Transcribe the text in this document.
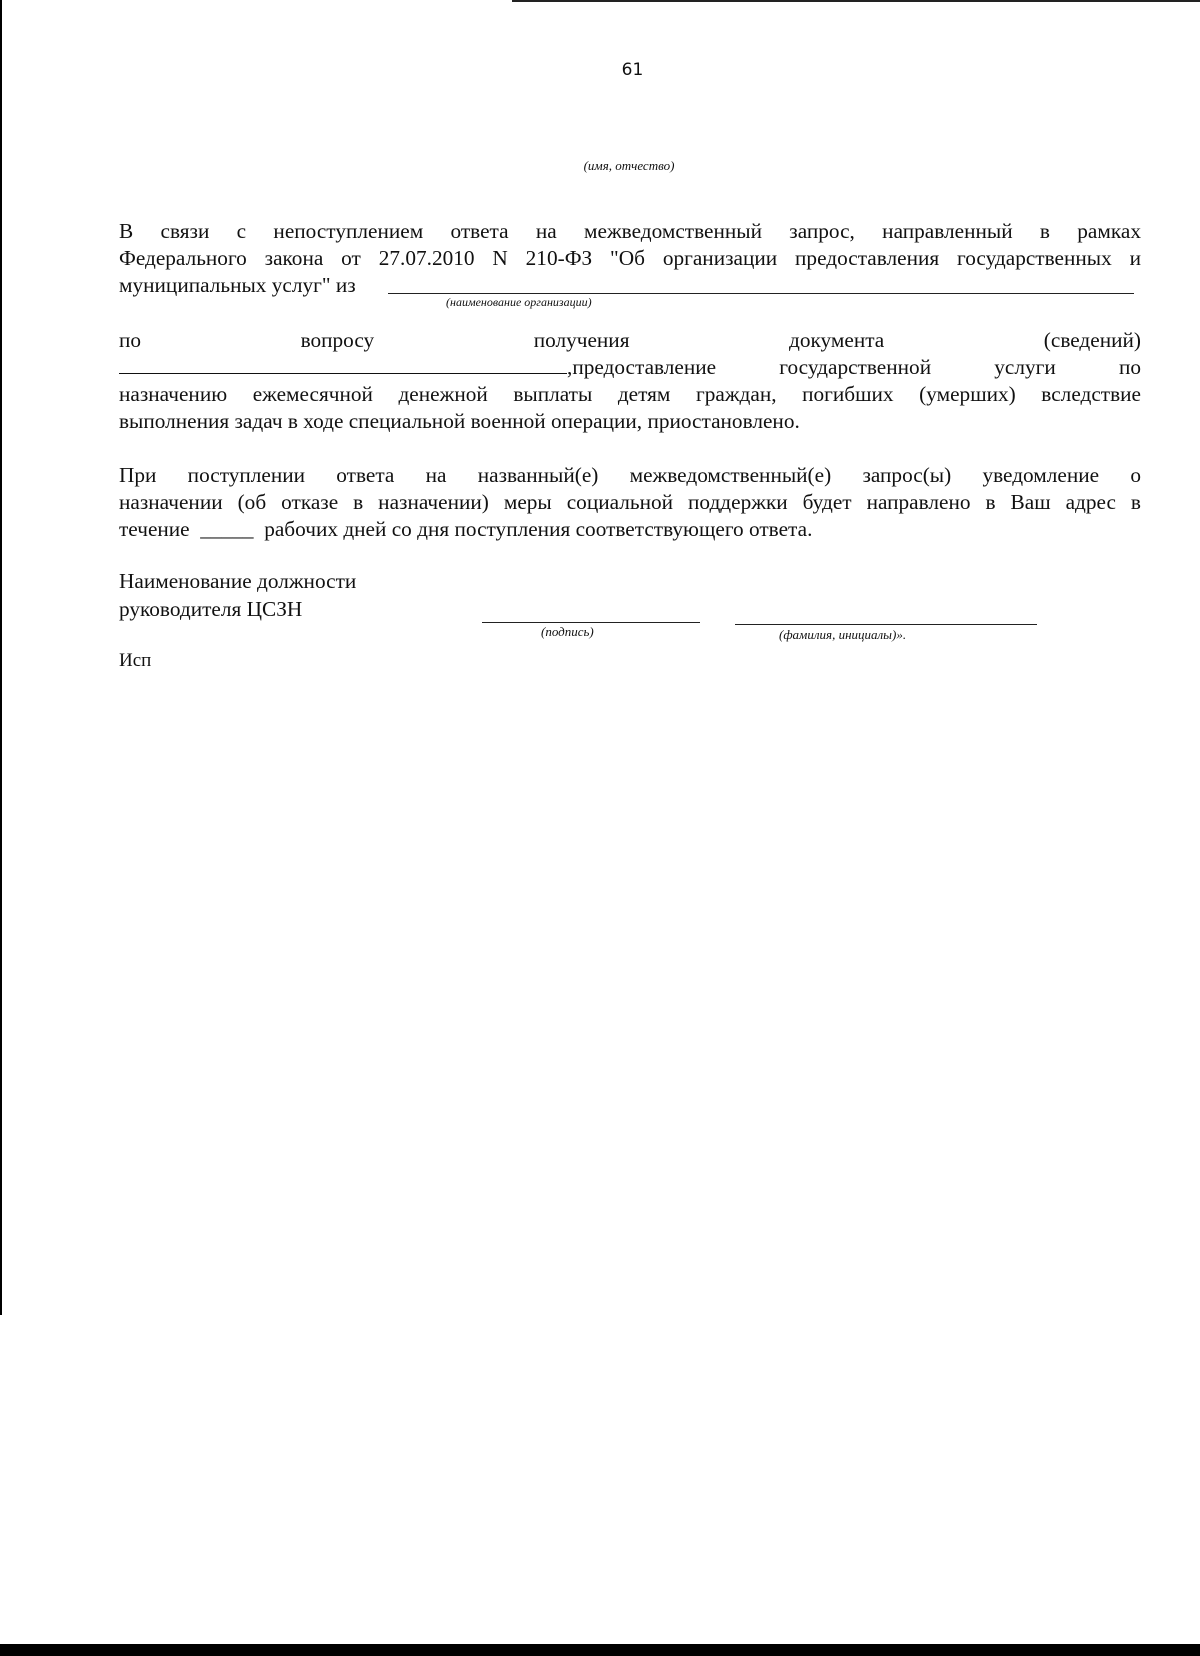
61
(имя, отчество)
В связи с непоступлением ответа на межведомственный запрос, направленный в рамках
Федерального закона от 27.07.2010 N 210-ФЗ "Об организации предоставления государственных и
муниципальных услуг" из
(наименование организации)
по вопросу получения документа (сведений)
,предоставление государственной услуги по
назначению ежемесячной денежной выплаты детям граждан, погибших (умерших) вследствие
выполнения задач в ходе специальной военной операции, приостановлено.
При поступлении ответа на названный(е) межведомственный(е) запрос(ы) уведомление о
назначении (об отказе в назначении) меры социальной поддержки будет направлено в Ваш адрес в
течение _____ рабочих дней со дня поступления соответствующего ответа.
Наименование должности
руководителя ЦСЗН
(подпись)	(фамилия, инициалы)».
Исп
